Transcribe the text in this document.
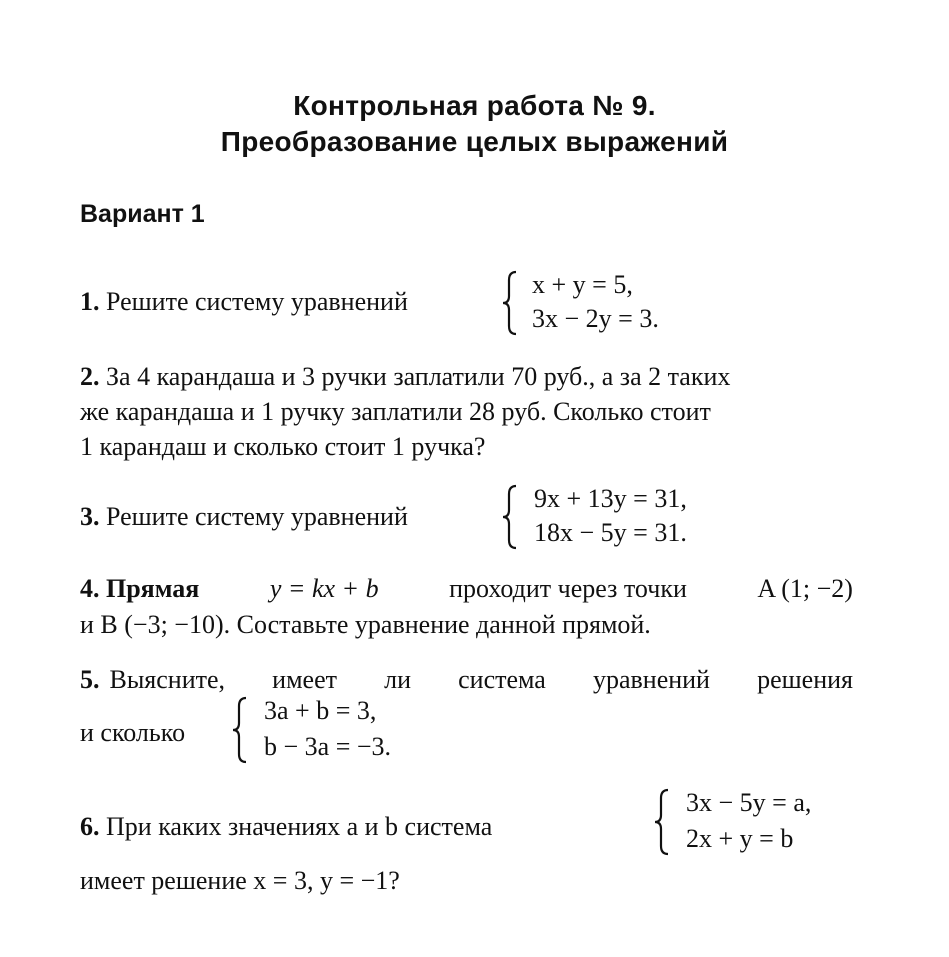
Контрольная работа № 9.
Преобразование целых выражений
Вариант 1
1. Решите систему уравнений
x + y = 5,
3x − 2y = 3.
2. За 4 карандаша и 3 ручки заплатили 70 руб., а за 2 таких
же карандаша и 1 ручку заплатили 28 руб. Сколько стоит
1 карандаш и сколько стоит 1 ручка?
3. Решите систему уравнений
9x + 13y = 31,
18x − 5y = 31.
4. Прямая	y = kx + b	проходит через точки	A (1; −2)
и B (−3; −10). Составьте уравнение данной прямой.
5. Выясните, имеет ли система уравнений решения
и сколько
3a + b = 3,
b − 3a = −3.
6. При каких значениях a и b система
3x − 5y = a,
2x + y = b
имеет решение x = 3, y = −1?
